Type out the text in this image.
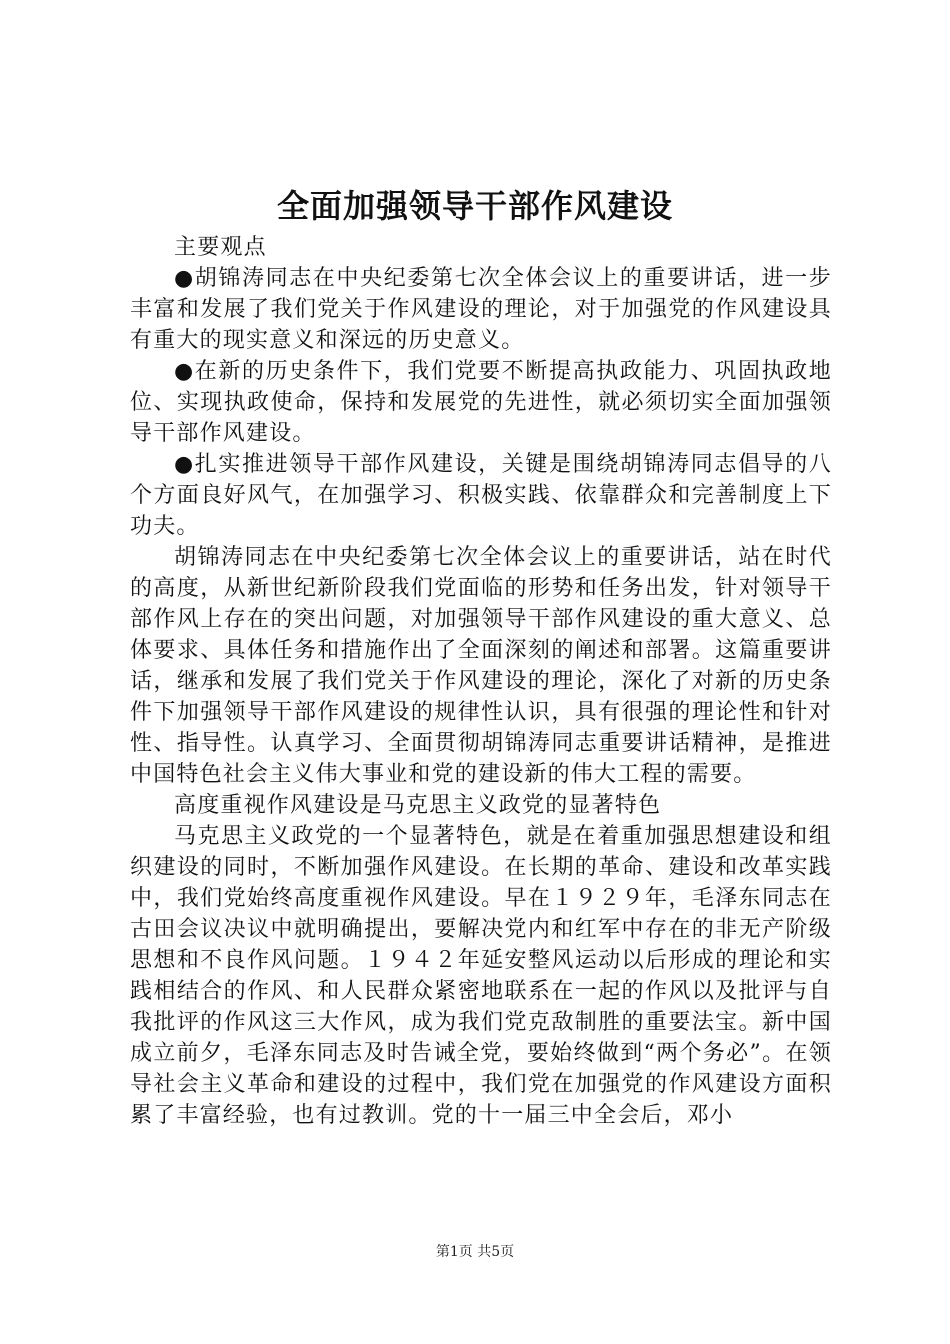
全面加强领导干部作风建设

主要观点

●胡锦涛同志在中央纪委第七次全体会议上的重要讲话，进一步丰富和发展了我们党关于作风建设的理论，对于加强党的作风建设具有重大的现实意义和深远的历史意义。

●在新的历史条件下，我们党要不断提高执政能力、巩固执政地位、实现执政使命，保持和发展党的先进性，就必须切实全面加强领导干部作风建设。

●扎实推进领导干部作风建设，关键是围绕胡锦涛同志倡导的八个方面良好风气，在加强学习、积极实践、依靠群众和完善制度上下功夫。

胡锦涛同志在中央纪委第七次全体会议上的重要讲话，站在时代的高度，从新世纪新阶段我们党面临的形势和任务出发，针对领导干部作风上存在的突出问题，对加强领导干部作风建设的重大意义、总体要求、具体任务和措施作出了全面深刻的阐述和部署。这篇重要讲话，继承和发展了我们党关于作风建设的理论，深化了对新的历史条件下加强领导干部作风建设的规律性认识，具有很强的理论性和针对性、指导性。认真学习、全面贯彻胡锦涛同志重要讲话精神，是推进中国特色社会主义伟大事业和党的建设新的伟大工程的需要。

高度重视作风建设是马克思主义政党的显著特色

马克思主义政党的一个显著特色，就是在着重加强思想建设和组织建设的同时，不断加强作风建设。在长期的革命、建设和改革实践中，我们党始终高度重视作风建设。早在１９２９年，毛泽东同志在古田会议决议中就明确提出，要解决党内和红军中存在的非无产阶级思想和不良作风问题。１９４２年延安整风运动以后形成的理论和实践相结合的作风、和人民群众紧密地联系在一起的作风以及批评与自我批评的作风这三大作风，成为我们党克敌制胜的重要法宝。新中国成立前夕，毛泽东同志及时告诫全党，要始终做到“两个务必”。在领导社会主义革命和建设的过程中，我们党在加强党的作风建设方面积累了丰富经验，也有过教训。党的十一届三中全会后，邓小

第1页 共5页
